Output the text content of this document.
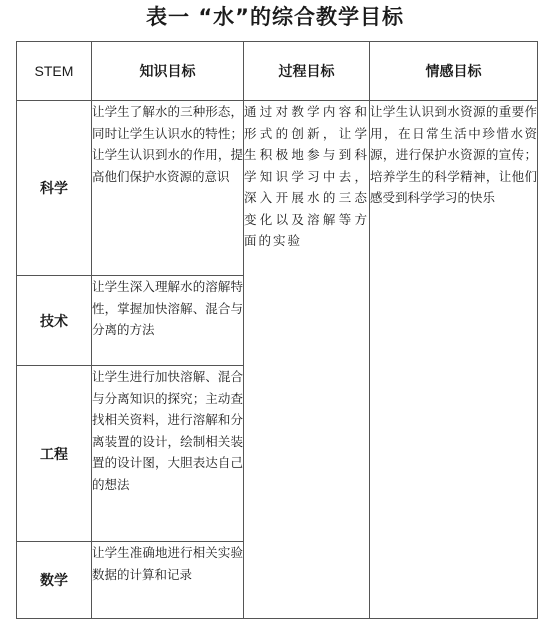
表一 “水”的综合教学目标
STEM	知识目标	过程目标	情感目标
科学	让学生了解水的三种形态，同时让学生认识水的特性；让学生认识到水的作用，提高他们保护水资源的意识	通过对教学内容和形式的创新，让学生积极地参与到科学知识学习中去，深入开展水的三态变化以及溶解等方面的实验	让学生认识到水资源的重要作用，在日常生活中珍惜水资源，进行保护水资源的宣传；培养学生的科学精神，让他们感受到科学学习的快乐
技术	让学生深入理解水的溶解特性，掌握加快溶解、混合与分离的方法		
工程	让学生进行加快溶解、混合与分离知识的探究；主动查找相关资料，进行溶解和分离装置的设计，绘制相关装置的设计图，大胆表达自己的想法		
数学	让学生准确地进行相关实验数据的计算和记录		
